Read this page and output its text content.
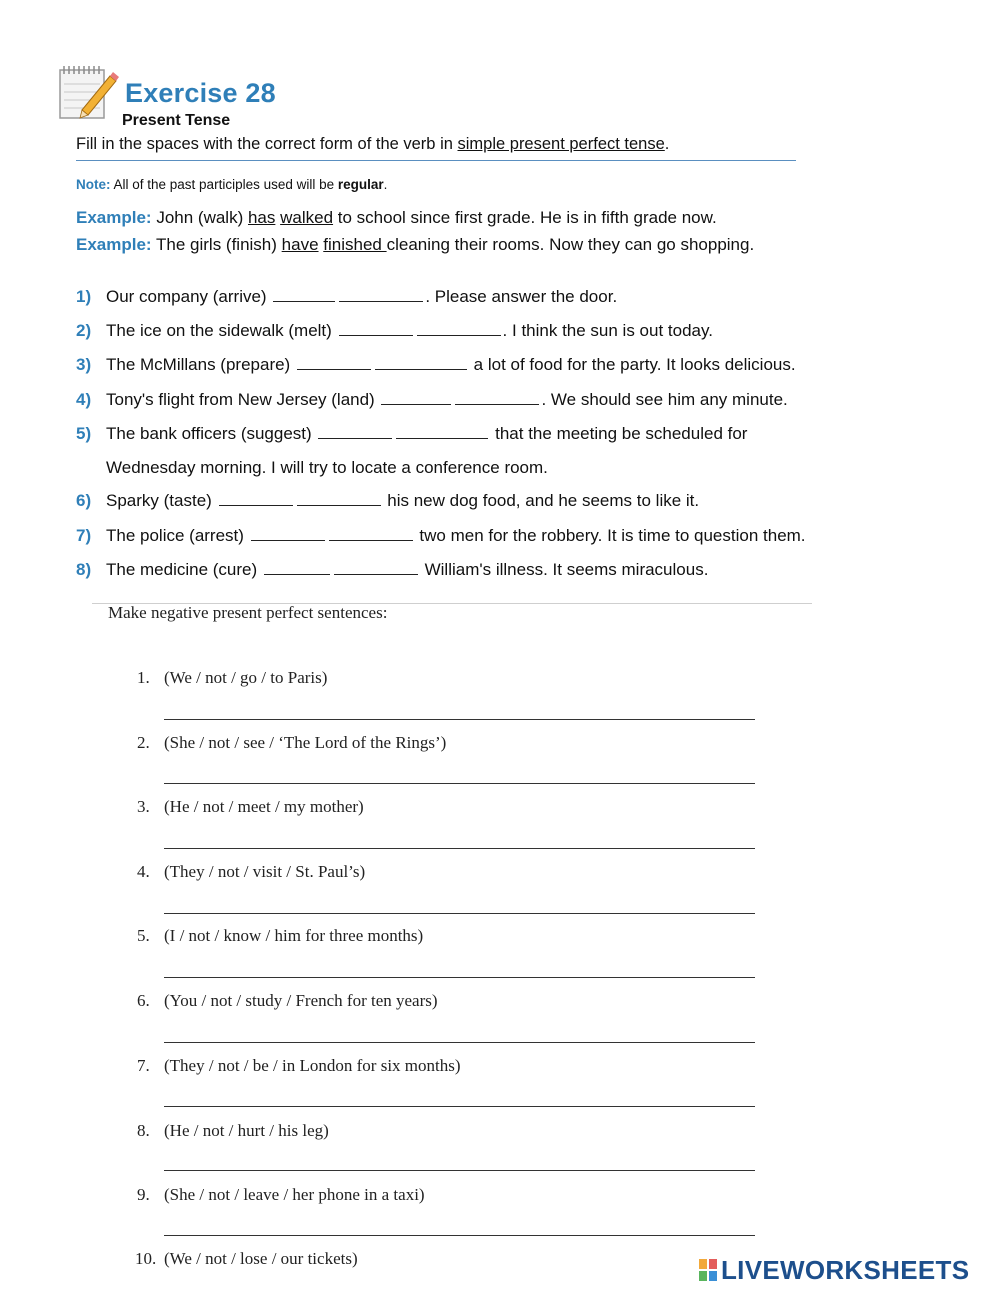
Exercise 28
Present Tense
Fill in the spaces with the correct form of the verb in simple present perfect tense.
Note: All of the past participles used will be regular.
Example: John (walk) has walked to school since first grade. He is in fifth grade now.
Example: The girls (finish) have finished cleaning their rooms. Now they can go shopping.
1) Our company (arrive)	. Please answer the door.
2) The ice on the sidewalk (melt)	. I think the sun is out today.
3) The McMillans (prepare)	a lot of food for the party. It looks delicious.
4) Tony's flight from New Jersey (land)	. We should see him any minute.
5) The bank officers (suggest)	that the meeting be scheduled for
Wednesday morning. I will try to locate a conference room.
6) Sparky (taste)	his new dog food, and he seems to like it.
7) The police (arrest)	two men for the robbery. It is time to question them.
8) The medicine (cure)	William's illness. It seems miraculous.
Make negative present perfect sentences:
1. (We / not / go / to Paris)
2. (She / not / see / ‘The Lord of the Rings’)
3. (He / not / meet / my mother)
4. (They / not / visit / St. Paul’s)
5. (I / not / know / him for three months)
6. (You / not / study / French for ten years)
7. (They / not / be / in London for six months)
8. (He / not / hurt / his leg)
9. (She / not / leave / her phone in a taxi)
10. (We / not / lose / our tickets)	LIVEWORKSHEETS
